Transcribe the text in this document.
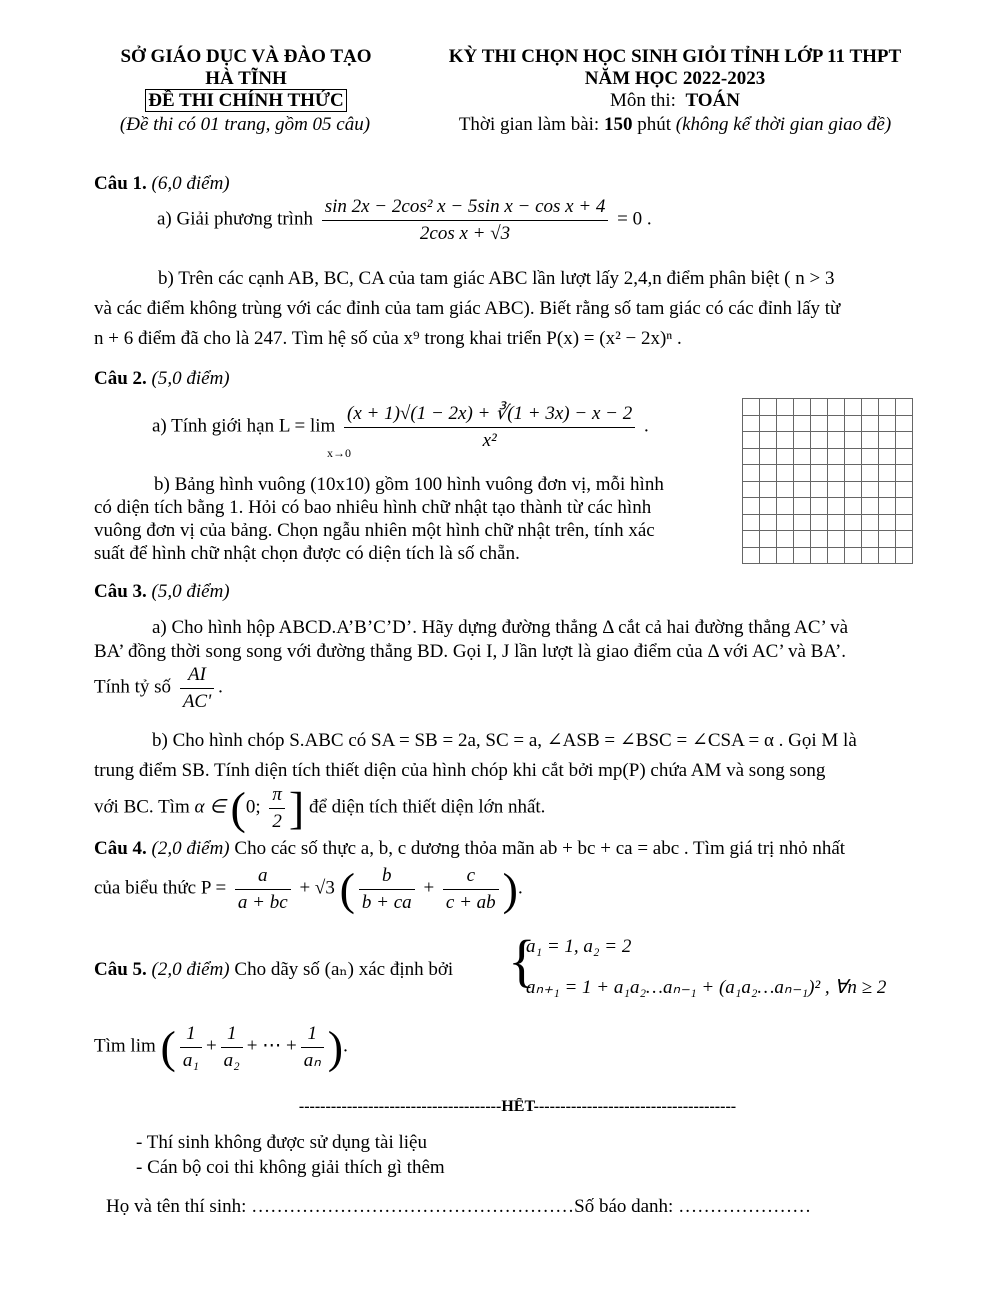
SỞ GIÁO DỤC VÀ ĐÀO TẠO
HÀ TĨNH
ĐỀ THI CHÍNH THỨC
(Đề thi có 01 trang, gồm 05 câu)
KỲ THI CHỌN HỌC SINH GIỎI TỈNH LỚP 11 THPT
NĂM HỌC 2022-2023
Môn thi: TOÁN
Thời gian làm bài: 150 phút (không kể thời gian giao đề)
Câu 1. (6,0 điểm)
a) Giải phương trình $\frac{\text{sin 2x − 2cos² x − 5sin x − cos x + 4}}{\text{2cos x + √3}} = 0$ .
b) Trên các cạnh AB, BC, CA của tam giác ABC lần lượt lấy 2,4,n điểm phân biệt ( n > 3
và các điểm không trùng với các đỉnh của tam giác ABC). Biết rằng số tam giác có các đỉnh lấy từ
n + 6 điểm đã cho là 247. Tìm hệ số của x⁹ trong khai triển P(x) = (x² − 2x)ⁿ .
Câu 2. (5,0 điểm)
a) Tính giới hạn $L = \lim \frac{(x + 1)√(1 - 2x) + ∛(1 + 3x) - x - 2}{\text{x²}}$ .
x→0
b) Bảng hình vuông (10x10) gồm 100 hình vuông đơn vị, mỗi hình
có diện tích bằng 1. Hỏi có bao nhiêu hình chữ nhật tạo thành từ các hình
vuông đơn vị của bảng. Chọn ngẫu nhiên một hình chữ nhật trên, tính xác
suất để hình chữ nhật chọn được có diện tích là số chẵn.

Câu 3. (5,0 điểm)
a) Cho hình hộp ABCD.A’B’C’D’. Hãy dựng đường thẳng Δ cắt cả hai đường thẳng AC’ và
BA’ đồng thời song song với đường thẳng BD. Gọi I, J lần lượt là giao điểm của Δ với AC’ và BA’.
Tính tỷ số $\frac{AI}{AC'}$ .
b) Cho hình chóp S.ABC có SA = SB = 2a, SC = a, ∠ASB = ∠BSC = ∠CSA = α . Gọi M là
trung điểm SB. Tính diện tích thiết diện của hình chóp khi cắt bởi mp(P) chứa AM và song song
với BC. Tìm α ∈ (0; $\frac{\pi}{2}$ ] để diện tích thiết diện lớn nhất.
Câu 4. (2,0 điểm) Cho các số thực a, b, c dương thỏa mãn ab + bc + ca = abc . Tìm giá trị nhỏ nhất
của biểu thức $P = \frac{a}{a + bc} + √3$ ( $\frac{b}{b + ca} + \frac{c}{c + ab}$ ).
Câu 5. (2,0 điểm) Cho dãy số (aₙ) xác định bởi {
a₁ = 1, a₂ = 2
aₙ₊₁ = 1 + a₁a₂…aₙ₋₁ + (a₁a₂…aₙ₋₁)² , ∀n ≥ 2
Tìm lim ( $\frac{1}{\text{a₁}} + \frac{1}{\text{a₂}}$ + ⋯ + $\frac{1}{\text{aₙ}}$ ).
--------------------------------------HẾT--------------------------------------
- Thí sinh không được sử dụng tài liệu
- Cán bộ coi thi không giải thích gì thêm
Họ và tên thí sinh: ……………………………………………Số báo danh: …………………
